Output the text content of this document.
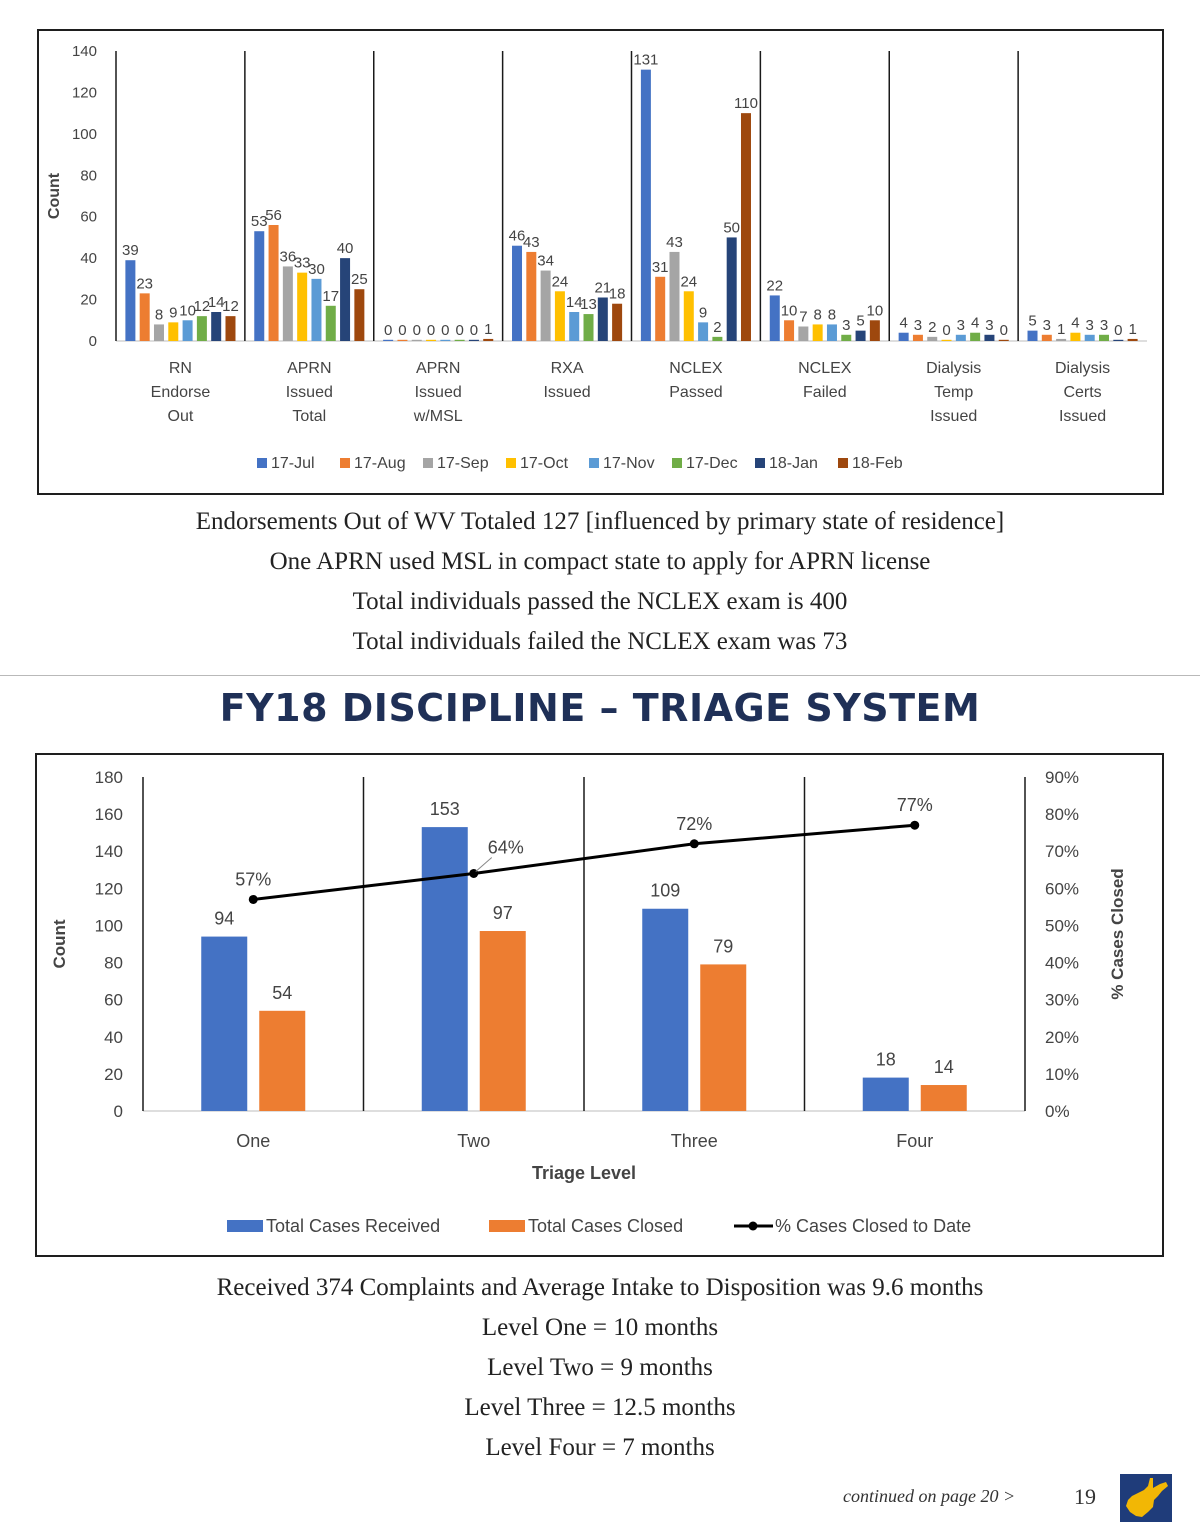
0
20
40
60
80
100
120
140
Count
39
23
8 9 10
12
14
12
RN
Endorse
Out
53
56
36
33
30
17
40
25
APRN
Issued
Total
0 0 0 0 0 0 0 1
APRN
Issued
w/MSL
46
43
34
24
14
13
21
18
RXA
Issued
131
31
43
24
9
2
50
110
NCLEX
Passed
22
10 7 8 8
3 5
10
NCLEX
Failed
4 3 2 0 3 4 3 0
Dialysis
Temp
Issued
5 3 1 4 3 3 0 1
Dialysis
Certs
Issued
17-Jul 17-Aug 17-Sep 17-Oct 17-Nov 17-Dec 18-Jan 18-Feb

Endorsements Out of WV Totaled 127 [influenced by primary state of residence]
One APRN used MSL in compact state to apply for APRN license
Total individuals passed the NCLEX exam is 400
Total individuals failed the NCLEX exam was 73

FY18 DISCIPLINE – TRIAGE SYSTEM
0
20
40
60
80
100
120
140
160
180
0%
10%
20%
30%
40%
50%
60%
70%
80%
90%
Count	% Cases Closed
94
54
One
153
97
Two
109
79
Three
18 14
Four
57%
64%
72%
77%
Triage Level
Total Cases Received	Total Cases Closed	% Cases Closed to Date

Received 374 Complaints and Average Intake to Disposition was 9.6 months
Level One = 10 months
Level Two = 9 months
Level Three = 12.5 months
Level Four = 7 months

continued on page 20 >	19
